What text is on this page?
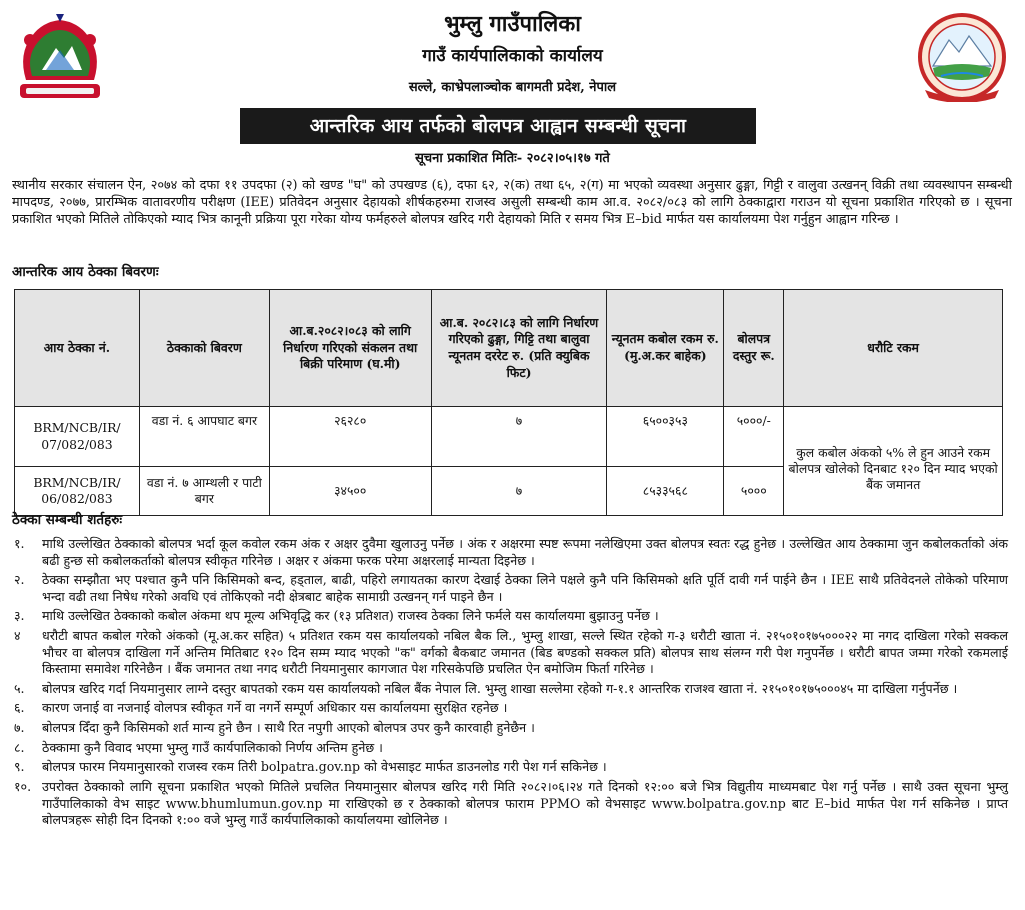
भुम्लु गाउँपालिका
गाउँ कार्यपालिकाको कार्यालय
सल्ले, काभ्रेपलाञ्चोक बागमती प्रदेश, नेपाल
आन्तरिक आय तर्फको बोलपत्र आह्वान सम्बन्धी सूचना
सूचना प्रकाशित मितिः- २०८२।०५।१७ गते
स्थानीय सरकार संचालन ऐन, २०७४ को दफा ११ उपदफा (२) को खण्ड "घ" को उपखण्ड (६), दफा ६२, २(क) तथा ६५, २(ग) मा भएको व्यवस्था अनुसार ढुङ्गा, गिट्टी र वालुवा उत्खनन् विक्री तथा व्यवस्थापन सम्बन्धी मापदण्ड, २०७७, प्रारम्भिक वातावरणीय परीक्षण (IEE) प्रतिवेदन अनुसार देहायको शीर्षकहरुमा राजस्व असुली सम्बन्धी काम आ.व. २०८२/०८३ को लागि ठेक्काद्वारा गराउन यो सूचना प्रकाशित गरिएको छ । सूचना प्रकाशित भएको मितिले तोकिएको म्याद भित्र कानूनी प्रक्रिया पूरा गरेका योग्य फर्महरुले बोलपत्र खरिद गरी देहायको मिति र समय भित्र E–bid मार्फत यस कार्यालयमा पेश गर्नुहुन आह्वान गरिन्छ ।
आन्तरिक आय ठेक्का बिवरणः
आय ठेक्का नं.	ठेक्काको बिवरण	आ.ब.२०८२।०८३ को लागि निर्धारण गरिएको संकलन तथा बिक्री परिमाण (घ.मी)	आ.ब. २०८२।८३ को लागि निर्धारण गरिएको ढुङ्गा, गिट्टि तथा बालुवा न्यूनतम दररेट रु. (प्रति क्युबिक फिट)	न्यूनतम कबोल रकम रु. (मु.अ.कर बाहेक)	बोलपत्र दस्तुर रू.	धरौटि रकम
BRM/NCB/IR/ 07/082/083	वडा नं. ६ आपघाट बगर	२६२८०	७	६५००३५३	५०००/-	कुल कबोल अंकको ५% ले हुन आउने रकम बोलपत्र खोलेको दिनबाट १२० दिन म्याद भएको बैंक जमानत
BRM/NCB/IR/ 06/082/083	वडा नं. ७ आम्थली र पाटी बगर	३४५००	७	८५३३५६८	५०००	
ठेक्का सम्बन्धी शर्तहरुः
१. माथि उल्लेखित ठेक्काको बोलपत्र भर्दा कूल कवोल रकम अंक र अक्षर दुवैमा खुलाउनु पर्नेछ । अंक र अक्षरमा स्पष्ट रूपमा नलेखिएमा उक्त बोलपत्र स्वतः रद्ध हुनेछ । उल्लेखित आय ठेक्कामा जुन कबोलकर्ताको अंक बढी हुन्छ सो कबोलकर्ताको बोलपत्र स्वीकृत गरिनेछ । अक्षर र अंकमा फरक परेमा अक्षरलाई मान्यता दिइनेछ ।
२. ठेक्का सम्झौता भए पश्चात कुनै पनि किसिमको बन्द, हड्ताल, बाढी, पहिरो लगायतका कारण देखाई ठेक्का लिने पक्षले कुनै पनि किसिमको क्षति पूर्ति दावी गर्न पाईने छैन । IEE साथै प्रतिवेदनले तोकेको परिमाण भन्दा वढी तथा निषेध गरेको अवधि एवं तोकिएको नदी क्षेत्रबाट बाहेक सामाग्री उत्खनन् गर्न पाइने छैन ।
३. माथि उल्लेखित ठेक्काको कबोल अंकमा थप मूल्य अभिवृद्धि कर (१३ प्रतिशत) राजस्व ठेक्का लिने फर्मले यस कार्यालयमा बुझाउनु पर्नेछ ।
४ धरौटी बापत कबोल गरेको अंकको (मू.अ.कर सहित) ५ प्रतिशत रकम यस कार्यालयको नबिल बैक लि., भुम्लु शाखा, सल्ले स्थित रहेको ग-३ धरौटी खाता नं. २१५०१०१७५०००२२ मा नगद दाखिला गरेको सक्कल भौचर वा बोलपत्र दाखिला गर्ने अन्तिम मितिबाट १२० दिन सम्म म्याद भएको "क" वर्गको बैकबाट जमानत (बिड बण्डको सक्कल प्रति) बोलपत्र साथ संलग्न गरी पेश गनुपर्नेछ । धरौटी बापत जम्मा गरेको रकमलाई किस्तामा समावेश गरिनेछैन । बैंक जमानत तथा नगद धरौटी नियमानुसार कागजात पेश गरिसकेपछि प्रचलित ऐन बमोजिम फिर्ता गरिनेछ ।
५. बोलपत्र खरिद गर्दा नियमानुसार लाग्ने दस्तुर बापतको रकम यस कार्यालयको नबिल बैंक नेपाल लि. भुम्लु शाखा सल्लेमा रहेको ग-१.१ आन्तरिक राजश्व खाता नं. २१५०१०१७५०००४५ मा दाखिला गर्नुपर्नेछ ।
६. कारण जनाई वा नजनाई वोलपत्र स्वीकृत गर्ने वा नगर्ने सम्पूर्ण अधिकार यस कार्यालयमा सुरक्षित रहनेछ ।
७. बोलपत्र दिँदा कुनै किसिमको शर्त मान्य हुने छैन । साथै रित नपुगी आएको बोलपत्र उपर कुनै कारवाही हुनेछैन ।
८. ठेक्कामा कुनै विवाद भएमा भुम्लु गाउँ कार्यपालिकाको निर्णय अन्तिम हुनेछ ।
९. बोलपत्र फारम नियमानुसारको राजस्व रकम तिरी bolpatra.gov.np को वेभसाइट मार्फत डाउनलोड गरी पेश गर्न सकिनेछ ।
१०. उपरोक्त ठेक्काको लागि सूचना प्रकाशित भएको मितिले प्रचलित नियमानुसार बोलपत्र खरिद गरी मिति २०८२।०६।२४ गते दिनको १२:०० बजे भित्र विद्युतीय माध्यमबाट पेश गर्नु पर्नेछ । साथै उक्त सूचना भुम्लु गाउँपालिकाको वेभ साइट www.bhumlumun.gov.np मा राखिएको छ र ठेक्काको बोलपत्र फाराम PPMO को वेभसाइट www.bolpatra.gov.np बाट E–bid मार्फत पेश गर्न सकिनेछ । प्राप्त बोलपत्रहरू सोही दिन दिनको १:०० वजे भुम्लु गाउँ कार्यपालिकाको कार्यालयमा खोलिनेछ ।
